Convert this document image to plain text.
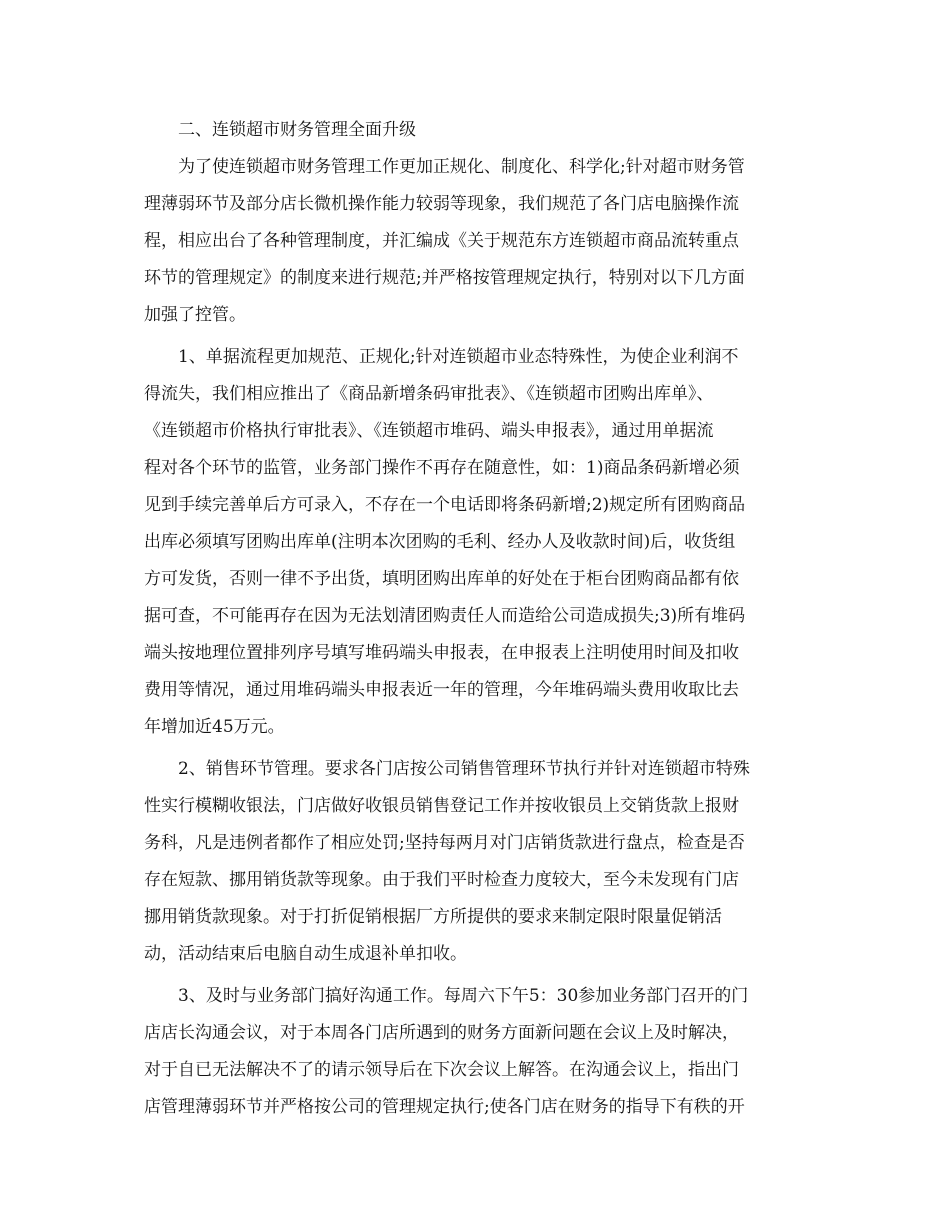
二、连锁超市财务管理全面升级
为了使连锁超市财务管理工作更加正规化、制度化、科学化;针对超市财务管
理薄弱环节及部分店长微机操作能力较弱等现象，我们规范了各门店电脑操作流
程，相应出台了各种管理制度，并汇编成《关于规范东方连锁超市商品流转重点
环节的管理规定》的制度来进行规范;并严格按管理规定执行，特别对以下几方面
加强了控管。
1、单据流程更加规范、正规化;针对连锁超市业态特殊性，为使企业利润不
得流失，我们相应推出了《商品新增条码审批表》、《连锁超市团购出库单》、
《连锁超市价格执行审批表》、《连锁超市堆码、端头申报表》，通过用单据流
程对各个环节的监管，业务部门操作不再存在随意性，如：1)商品条码新增必须
见到手续完善单后方可录入，不存在一个电话即将条码新增;2)规定所有团购商品
出库必须填写团购出库单(注明本次团购的毛利、经办人及收款时间)后，收货组
方可发货，否则一律不予出货，填明团购出库单的好处在于柜台团购商品都有依
据可查，不可能再存在因为无法划清团购责任人而造给公司造成损失;3)所有堆码
端头按地理位置排列序号填写堆码端头申报表，在申报表上注明使用时间及扣收
费用等情况，通过用堆码端头申报表近一年的管理，今年堆码端头费用收取比去
年增加近45万元。
2、销售环节管理。要求各门店按公司销售管理环节执行并针对连锁超市特殊
性实行模糊收银法，门店做好收银员销售登记工作并按收银员上交销货款上报财
务科，凡是违例者都作了相应处罚;坚持每两月对门店销货款进行盘点，检查是否
存在短款、挪用销货款等现象。由于我们平时检查力度较大，至今未发现有门店
挪用销货款现象。对于打折促销根据厂方所提供的要求来制定限时限量促销活
动，活动结束后电脑自动生成退补单扣收。
3、及时与业务部门搞好沟通工作。每周六下午5：30参加业务部门召开的门
店店长沟通会议，对于本周各门店所遇到的财务方面新问题在会议上及时解决，
对于自已无法解决不了的请示领导后在下次会议上解答。在沟通会议上，指出门
店管理薄弱环节并严格按公司的管理规定执行;使各门店在财务的指导下有秩的开
